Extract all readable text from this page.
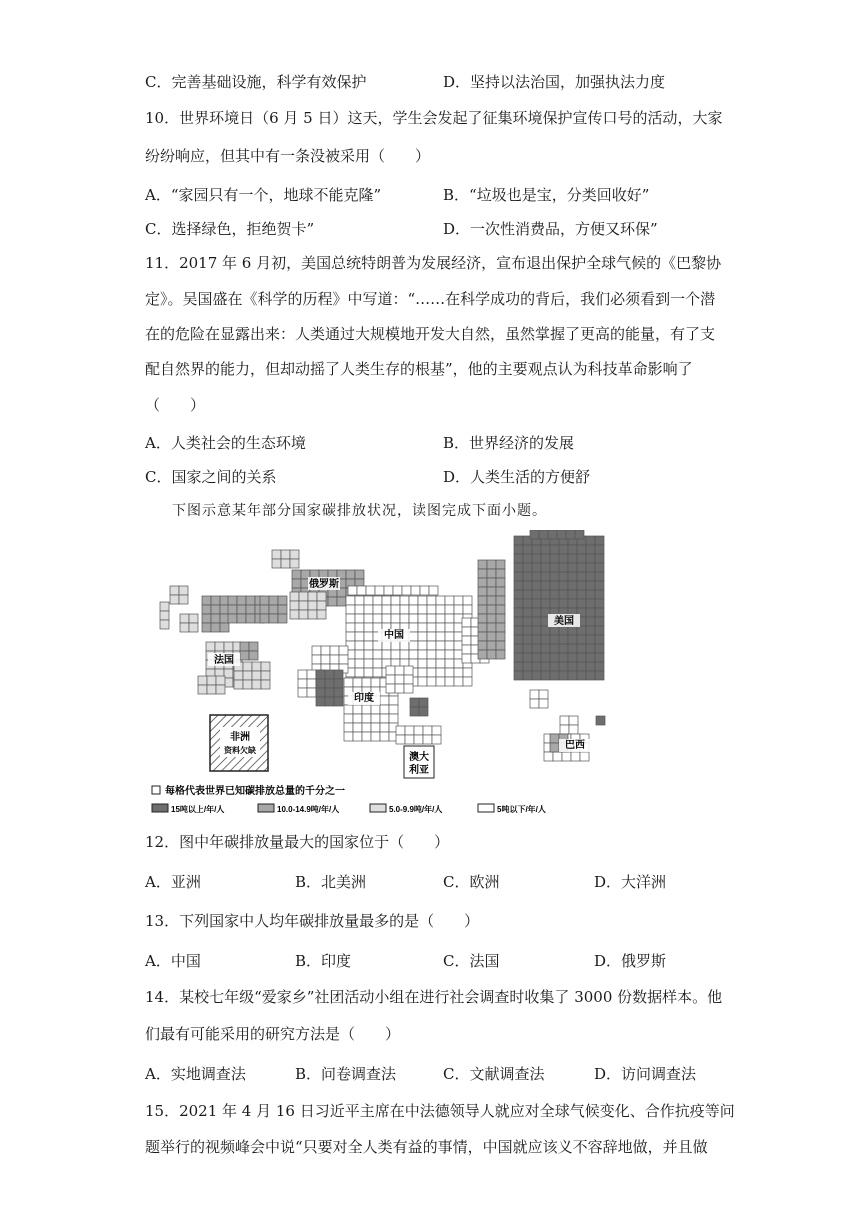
C．完善基础设施，科学有效保护	D．坚持以法治国，加强执法力度
10．世界环境日（6 月 5 日）这天，学生会发起了征集环境保护宣传口号的活动，大家
纷纷响应，但其中有一条没被采用（　　）
A．“家园只有一个，地球不能克隆”	B．“垃圾也是宝，分类回收好”
C．选择绿色，拒绝贺卡”	D．一次性消费品，方便又环保”
11．2017 年 6 月初，美国总统特朗普为发展经济，宣布退出保护全球气候的《巴黎协
定》。吴国盛在《科学的历程》中写道：“……在科学成功的背后，我们必须看到一个潜
在的危险在显露出来：人类通过大规模地开发大自然，虽然掌握了更高的能量，有了支
配自然界的能力，但却动摇了人类生存的根基”，他的主要观点认为科技革命影响了
（　　）
A．人类社会的生态环境	B．世界经济的发展
C．国家之间的关系	D．人类生活的方便舒
下图示意某年部分国家碳排放状况，读图完成下面小题。
俄罗斯
中国
美国
法国
印度
非洲
资料欠缺
澳大
利亚
巴西
每格代表世界已知碳排放总量的千分之一
15吨以上/年/人	10.0-14.9吨/年/人	5.0-9.9吨/年/人	5吨以下/年/人
12．图中年碳排放量最大的国家位于（　　）
A．亚洲	B．北美洲	C．欧洲	D．大洋洲
13．下列国家中人均年碳排放量最多的是（　　）
A．中国	B．印度	C．法国	D．俄罗斯
14．某校七年级“爱家乡”社团活动小组在进行社会调查时收集了 3000 份数据样本。他
们最有可能采用的研究方法是（　　）
A．实地调查法	B．问卷调查法	C．文献调查法	D．访问调查法
15．2021 年 4 月 16 日习近平主席在中法德领导人就应对全球气候变化、合作抗疫等问
题举行的视频峰会中说“只要对全人类有益的事情，中国就应该义不容辞地做，并且做
